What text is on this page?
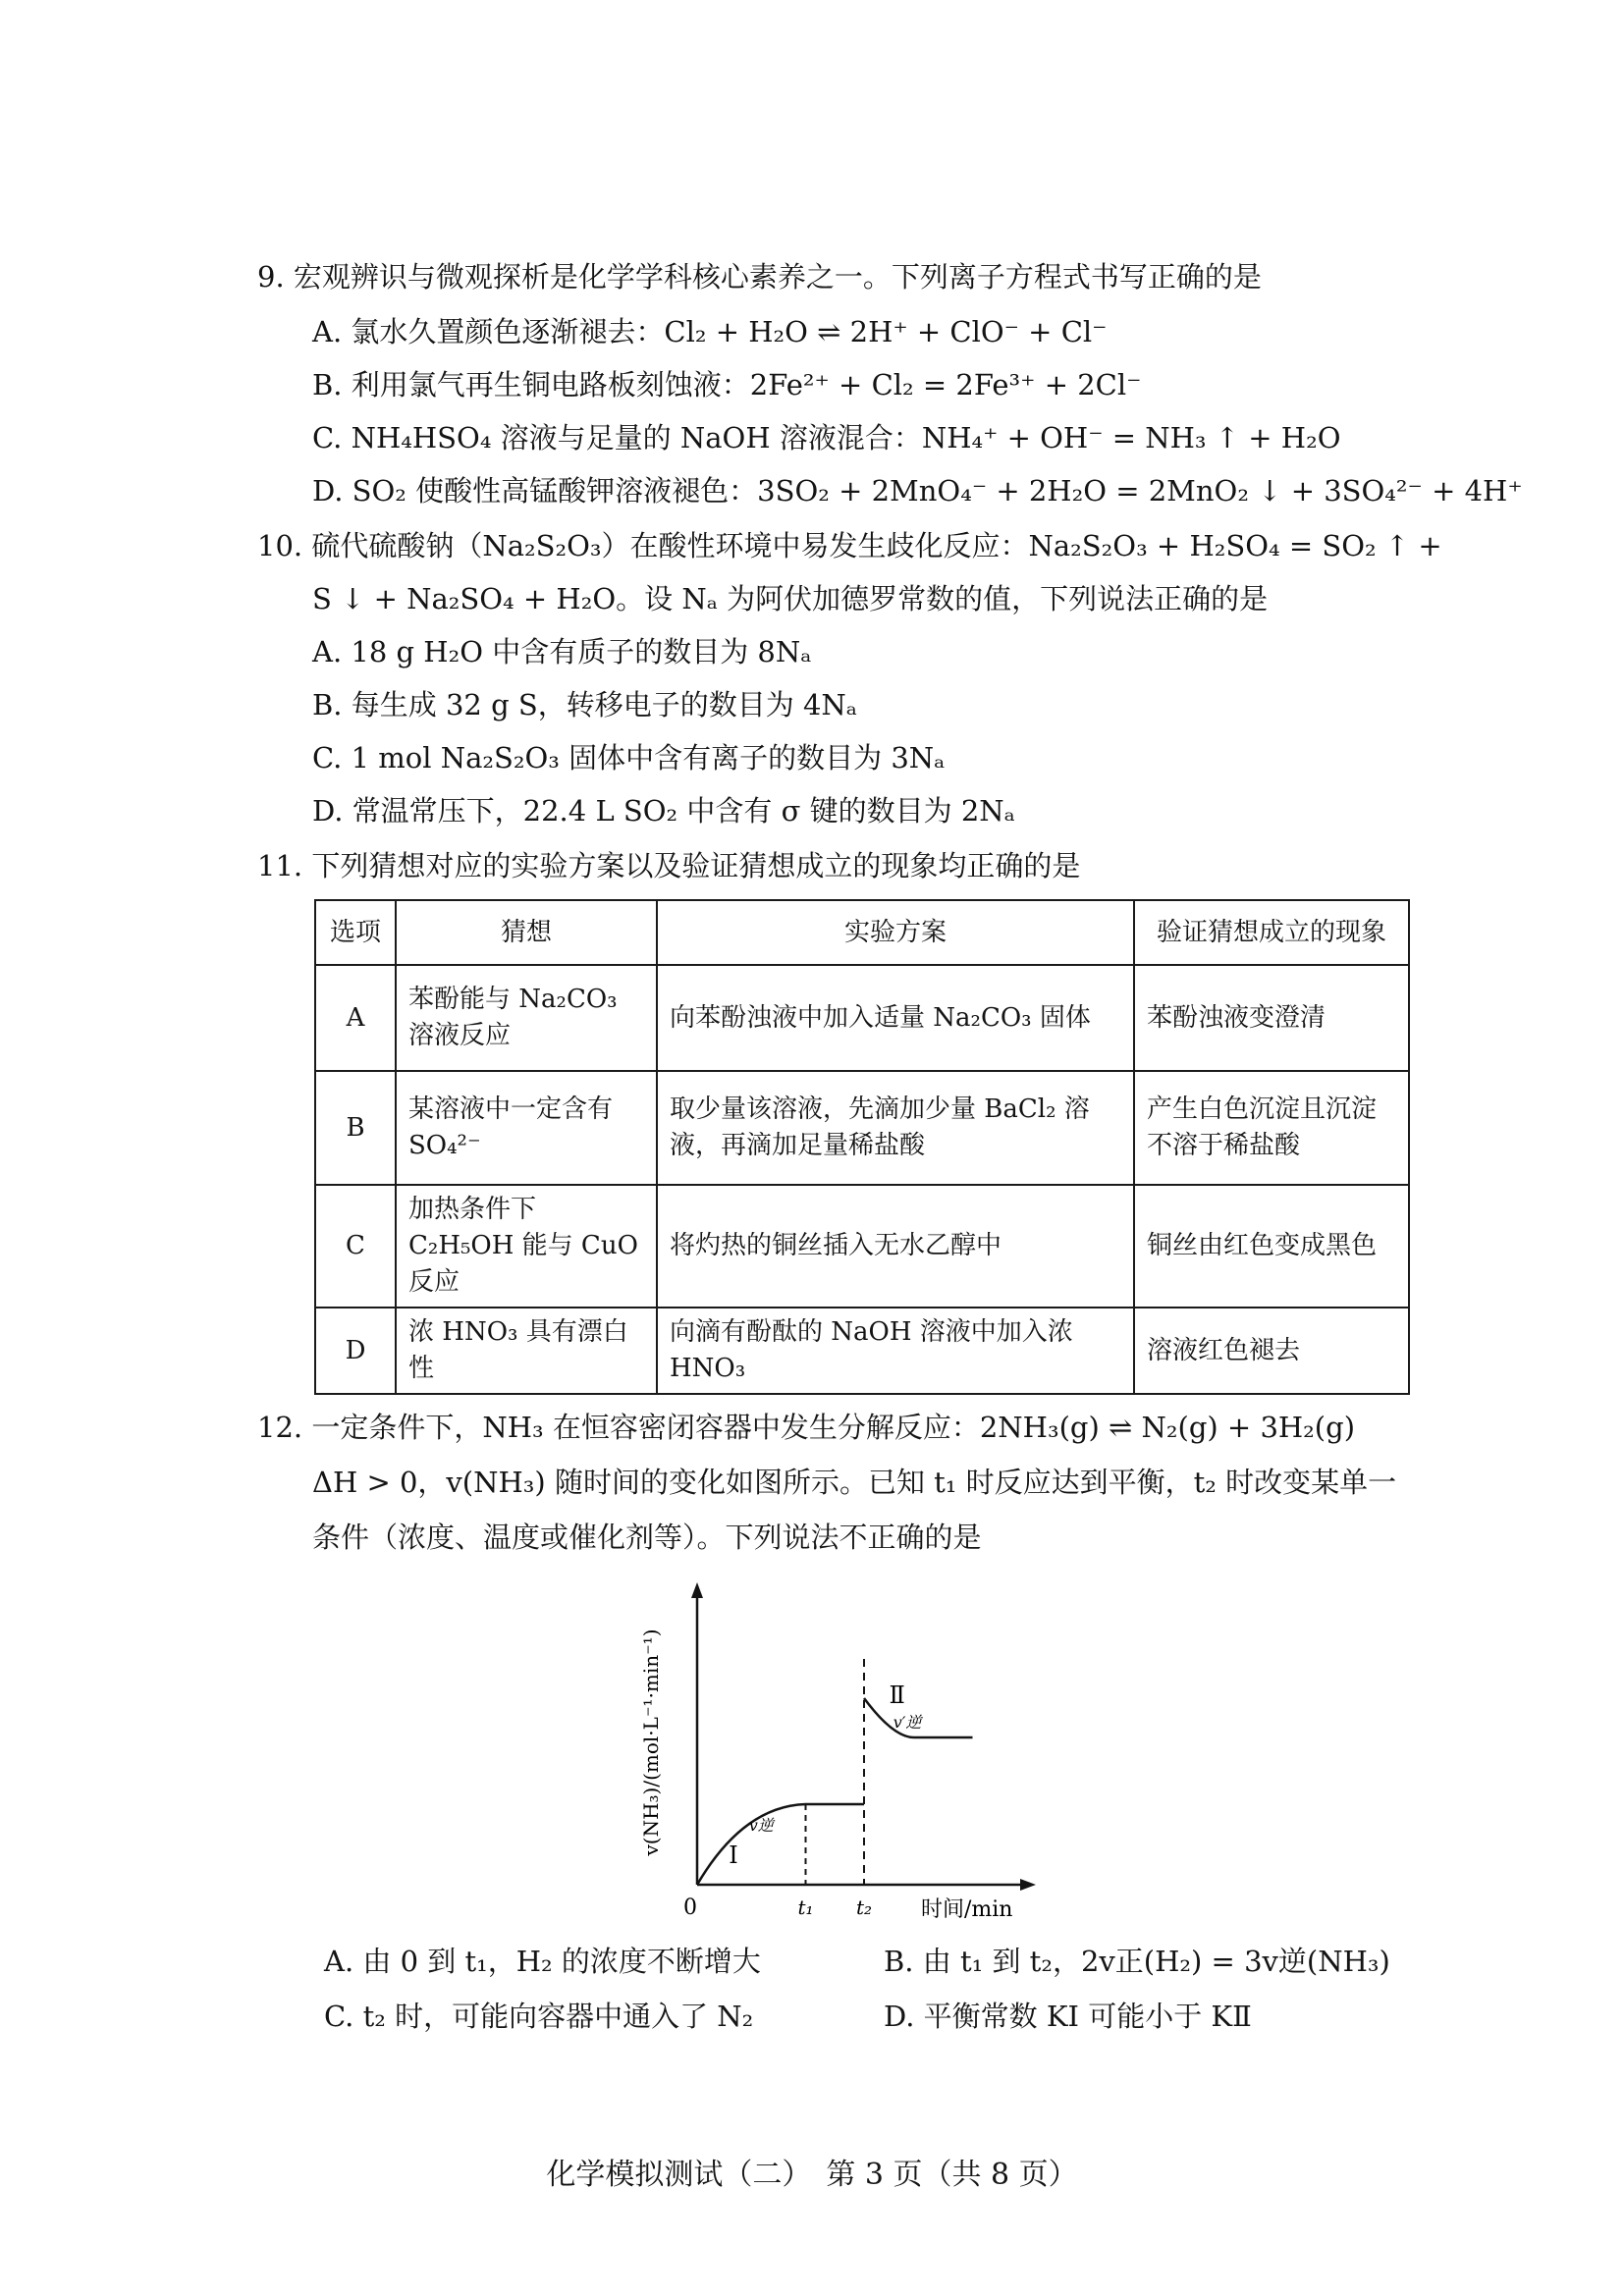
9. 宏观辨识与微观探析是化学学科核心素养之一。下列离子方程式书写正确的是
A. 氯水久置颜色逐渐褪去：Cl₂ + H₂O ⇌ 2H⁺ + ClO⁻ + Cl⁻
B. 利用氯气再生铜电路板刻蚀液：2Fe²⁺ + Cl₂ = 2Fe³⁺ + 2Cl⁻
C. NH₄HSO₄ 溶液与足量的 NaOH 溶液混合：NH₄⁺ + OH⁻ = NH₃ ↑ + H₂O
D. SO₂ 使酸性高锰酸钾溶液褪色：3SO₂ + 2MnO₄⁻ + 2H₂O = 2MnO₂ ↓ + 3SO₄²⁻ + 4H⁺
10. 硫代硫酸钠（Na₂S₂O₃）在酸性环境中易发生歧化反应：Na₂S₂O₃ + H₂SO₄ = SO₂ ↑ +
S ↓ + Na₂SO₄ + H₂O。设 Nₐ 为阿伏加德罗常数的值，下列说法正确的是
A. 18 g H₂O 中含有质子的数目为 8Nₐ
B. 每生成 32 g S，转移电子的数目为 4Nₐ
C. 1 mol Na₂S₂O₃ 固体中含有离子的数目为 3Nₐ
D. 常温常压下，22.4 L SO₂ 中含有 σ 键的数目为 2Nₐ
11. 下列猜想对应的实验方案以及验证猜想成立的现象均正确的是
选项	猜想	实验方案	验证猜想成立的现象
A	苯酚能与 Na₂CO₃ 溶液反应	向苯酚浊液中加入适量 Na₂CO₃ 固体	苯酚浊液变澄清
B	某溶液中一定含有 SO₄²⁻	取少量该溶液，先滴加少量 BaCl₂ 溶液，再滴加足量稀盐酸	产生白色沉淀且沉淀不溶于稀盐酸
C	加热条件下 C₂H₅OH 能与 CuO 反应	将灼热的铜丝插入无水乙醇中	铜丝由红色变成黑色
D	浓 HNO₃ 具有漂白性	向滴有酚酞的 NaOH 溶液中加入浓 HNO₃	溶液红色褪去
12. 一定条件下，NH₃ 在恒容密闭容器中发生分解反应：2NH₃(g) ⇌ N₂(g) + 3H₂(g)
ΔH > 0，v(NH₃) 随时间的变化如图所示。已知 t₁ 时反应达到平衡，t₂ 时改变某单一
条件（浓度、温度或催化剂等）。下列说法不正确的是
v(NH₃)/(mol·L⁻¹·min⁻¹)
时间/min
0	t₁ t₂
Ⅰ
v逆
Ⅱ
v′逆
A. 由 0 到 t₁，H₂ 的浓度不断增大	B. 由 t₁ 到 t₂，2v正(H₂) = 3v逆(NH₃)
C. t₂ 时，可能向容器中通入了 N₂	D. 平衡常数 KⅠ 可能小于 KⅡ
化学模拟测试（二）　第 3 页（共 8 页）
